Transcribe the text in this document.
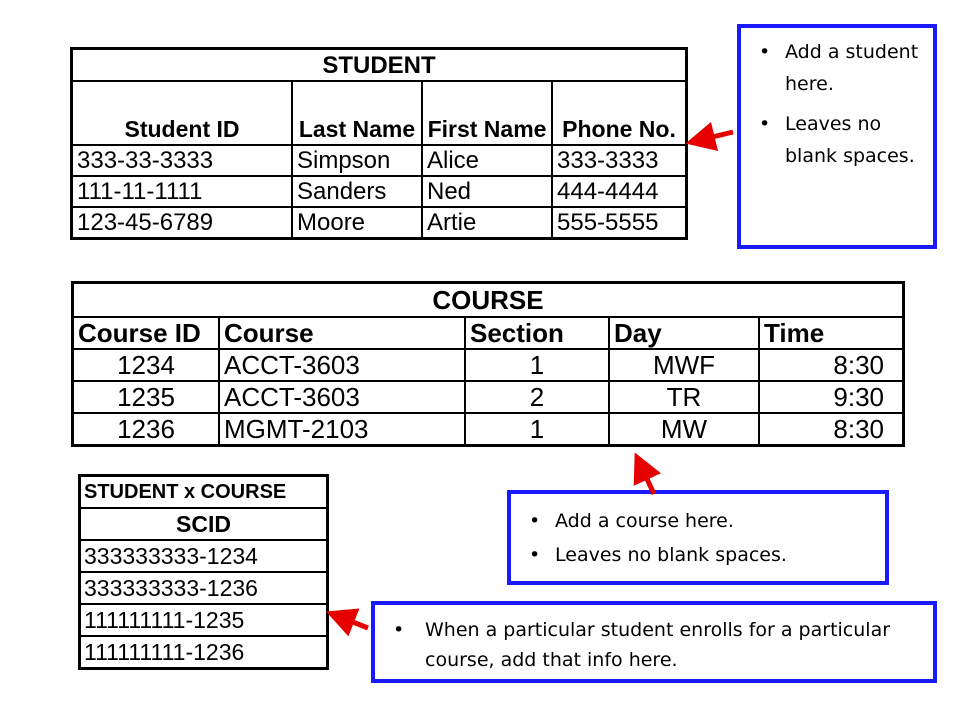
STUDENT			
Student ID	Last Name	First Name	Phone No.
333-33-3333	Simpson	Alice	333-3333
111-11-1111	Sanders	Ned	444-4444
123-45-6789	Moore	Artie	555-5555
COURSE				
Course ID	Course	Section	Day	Time
1234	ACCT-3603	1	MWF	8:30
1235	ACCT-3603	2	TR	9:30
1236	MGMT-2103	1	MW	8:30
STUDENT x COURSE
SCID
333333333-1234
333333333-1236
111111111-1235
111111111-1236
• Add a student here.
• Leaves no blank spaces.
• Add a course here.
• Leaves no blank spaces.
• When a particular student enrolls for a particular course, add that info here.
